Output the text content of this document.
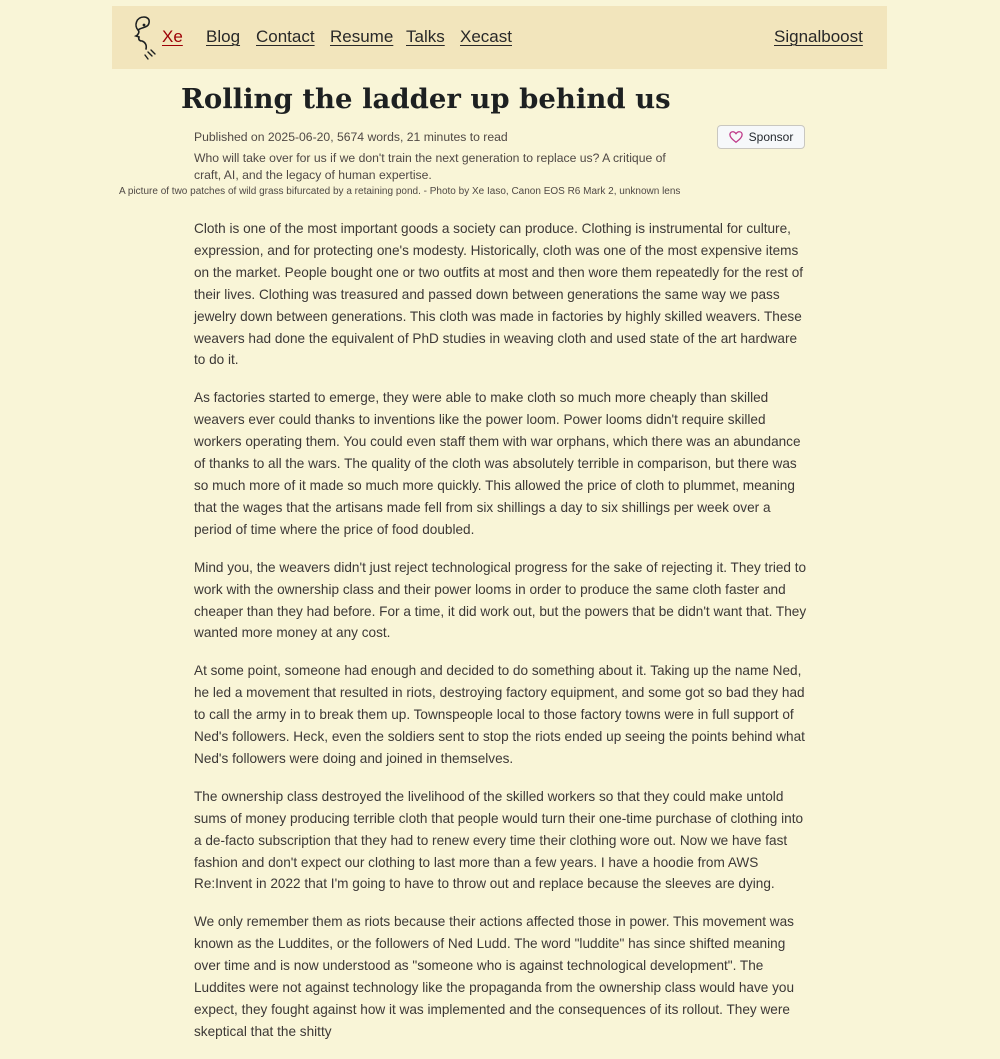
Xe Blog Contact Resume Talks Xecast	Signalboost
Rolling the ladder up behind us
Published on 2025-06-20, 5674 words, 21 minutes to read
Who will take over for us if we don't train the next generation to replace us? A critique of craft, AI, and the legacy of human expertise.
Sponsor
A picture of two patches of wild grass bifurcated by a retaining pond. - Photo by Xe Iaso, Canon EOS R6 Mark 2, unknown lens

Cloth is one of the most important goods a society can produce. Clothing is instrumental for culture, expression, and for protecting one's modesty. Historically, cloth was one of the most expensive items on the market. People bought one or two outfits at most and then wore them repeatedly for the rest of their lives. Clothing was treasured and passed down between generations the same way we pass jewelry down between generations. This cloth was made in factories by highly skilled weavers. These weavers had done the equivalent of PhD studies in weaving cloth and used state of the art hardware to do it.

As factories started to emerge, they were able to make cloth so much more cheaply than skilled weavers ever could thanks to inventions like the power loom. Power looms didn't require skilled workers operating them. You could even staff them with war orphans, which there was an abundance of thanks to all the wars. The quality of the cloth was absolutely terrible in comparison, but there was so much more of it made so much more quickly. This allowed the price of cloth to plummet, meaning that the wages that the artisans made fell from six shillings a day to six shillings per week over a period of time where the price of food doubled.

Mind you, the weavers didn't just reject technological progress for the sake of rejecting it. They tried to work with the ownership class and their power looms in order to produce the same cloth faster and cheaper than they had before. For a time, it did work out, but the powers that be didn't want that. They wanted more money at any cost.

At some point, someone had enough and decided to do something about it. Taking up the name Ned, he led a movement that resulted in riots, destroying factory equipment, and some got so bad they had to call the army in to break them up. Townspeople local to those factory towns were in full support of Ned's followers. Heck, even the soldiers sent to stop the riots ended up seeing the points behind what Ned's followers were doing and joined in themselves.

The ownership class destroyed the livelihood of the skilled workers so that they could make untold sums of money producing terrible cloth that people would turn their one-time purchase of clothing into a de-facto subscription that they had to renew every time their clothing wore out. Now we have fast fashion and don't expect our clothing to last more than a few years. I have a hoodie from AWS Re:Invent in 2022 that I'm going to have to throw out and replace because the sleeves are dying.

We only remember them as riots because their actions affected those in power. This movement was known as the Luddites, or the followers of Ned Ludd. The word "luddite" has since shifted meaning over time and is now understood as "someone who is against technological development". The Luddites were not against technology like the propaganda from the ownership class would have you expect, they fought against how it was implemented and the consequences of its rollout. They were skeptical that the shitty
